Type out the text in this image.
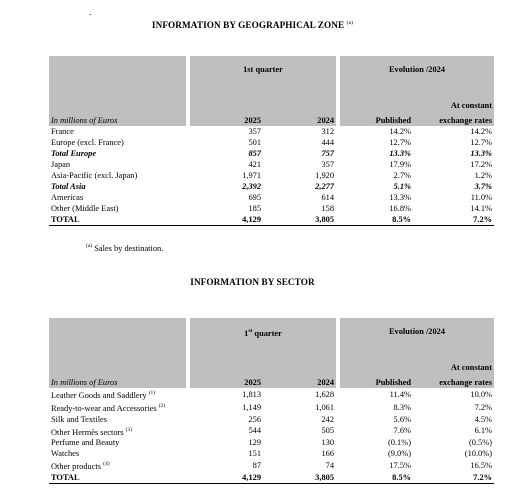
.
INFORMATION BY GEOGRAPHICAL ZONE $^{(a)}$
		1st quarter			Evolution /2024	
						At constant
In millions of Euros		2025	2024		Published	exchange rates
France		357	312		14.2%	14.2%
Europe (excl. France)		501	444		12.7%	12.7%
Total Europe		857	757		13.3%	13.3%
Japan		421	357		17.9%	17.2%
Asia-Pacific (excl. Japan)		1,971	1,920		2.7%	1.2%
Total Asia		2,392	2,277		5.1%	3.7%
Americas		695	614		13.3%	11.0%
Other (Middle East)		185	158		16.8%	14.1%
TOTAL		4,129	3,805		8.5%	7.2%
$^{(a)}$ Sales by destination.
INFORMATION BY SECTOR
		1st quarter			Evolution /2024	
						At constant
In millions of Euros		2025	2024		Published	exchange rates
Leather Goods and Saddlery $^{(1)}$		1,813	1,628		11.4%	10.0%
Ready-to-wear and Accessories $^{(2)}$		1,149	1,061		8.3%	7.2%
Silk and Textiles		256	242		5.6%	4.5%
Other Hermès sectors $^{(3)}$		544	505		7.6%	6.1%
Perfume and Beauty		129	130		(0.1%)	(0.5%)
Watches		151	166		(9.0%)	(10.0%)
Other products $^{(4)}$		87	74		17.5%	16.5%
TOTAL		4,129	3,805		8.5%	7.2%
